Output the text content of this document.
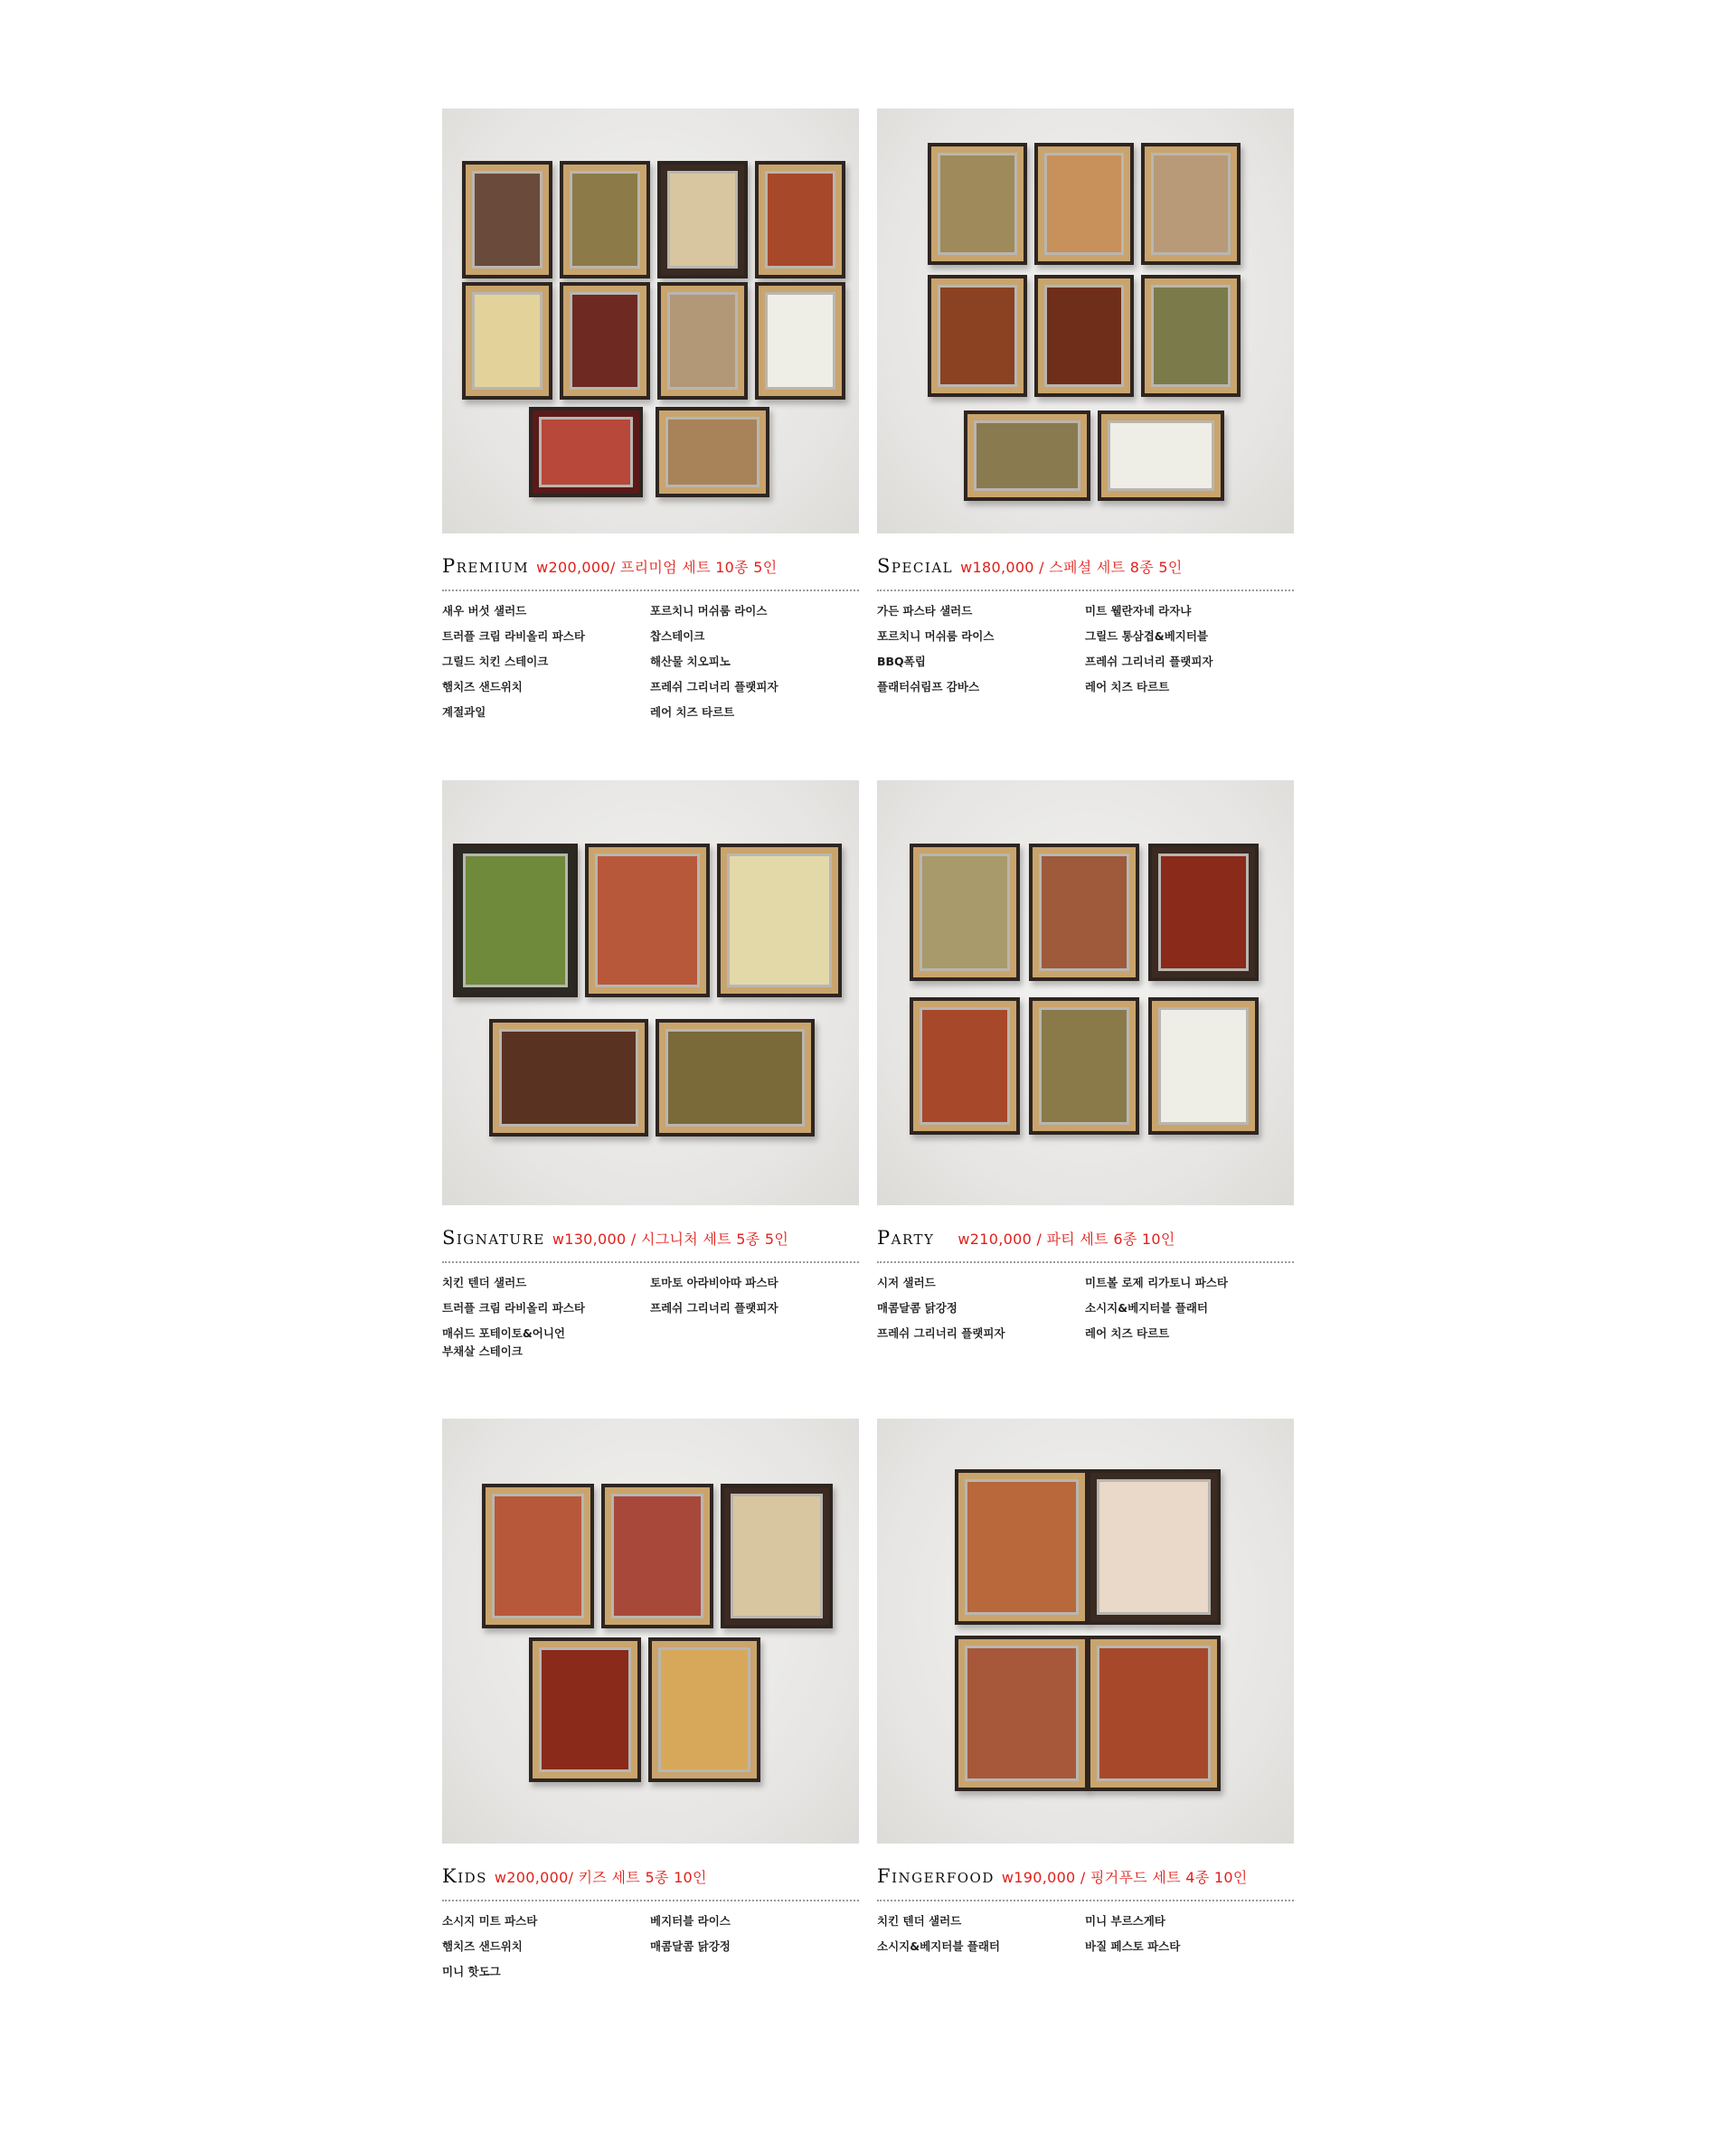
Premium w200,000/ 프리미엄 세트 10종 5인
새우 버섯 샐러드	포르치니 머쉬룸 라이스
트러플 크림 라비올리 파스타	찹스테이크
그릴드 치킨 스테이크	해산물 치오피노
햄치즈 샌드위치	프레쉬 그리너리 플랫피자
계절과일	레어 치즈 타르트
Special w180,000 / 스페셜 세트 8종 5인
가든 파스타 샐러드	미트 웰란자네 라자냐
포르치니 머쉬룸 라이스	그릴드 통삼겹&베지터블
BBQ폭립	프레쉬 그리너리 플랫피자
플래터쉬림프 감바스	레어 치즈 타르트
Signature w130,000 / 시그니처 세트 5종 5인
치킨 텐더 샐러드	토마토 아라비아따 파스타
트러플 크림 라비올리 파스타	프레쉬 그리너리 플랫피자
매쉬드 포테이토&어니언 부채살 스테이크
Party w210,000 / 파티 세트 6종 10인
시저 샐러드	미트볼 로제 리가토니 파스타
매콤달콤 닭강정	소시지&베지터블 플래터
프레쉬 그리너리 플랫피자	레어 치즈 타르트
Kids w200,000/ 키즈 세트 5종 10인
소시지 미트 파스타	베지터블 라이스
햄치즈 샌드위치	매콤달콤 닭강정
미니 핫도그
Fingerfood w190,000 / 핑거푸드 세트 4종 10인
치킨 텐더 샐러드	미니 부르스게타
소시지&베지터블 플래터	바질 페스토 파스타
